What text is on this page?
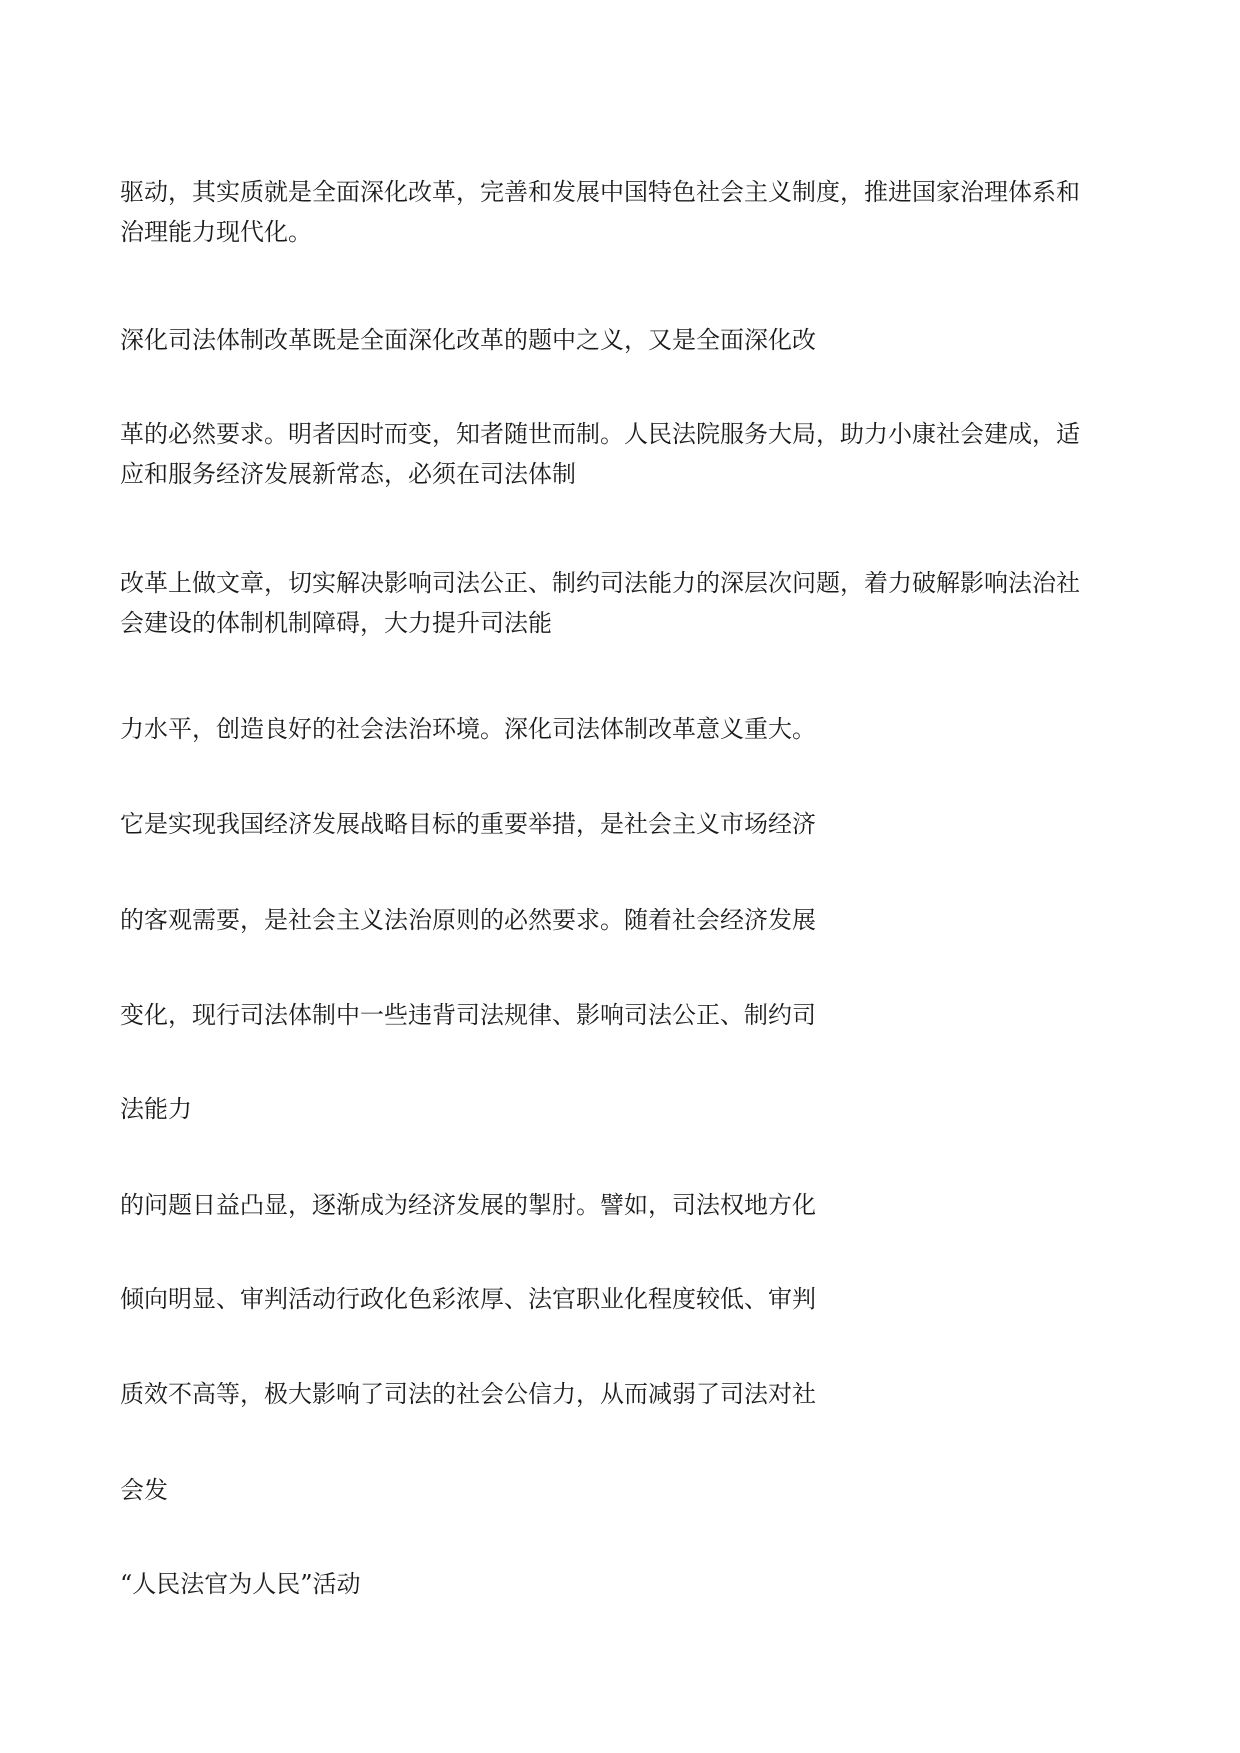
驱动，其实质就是全面深化改革，完善和发展中国特色社会主义制度，推进国家治理体系和
治理能力现代化。

深化司法体制改革既是全面深化改革的题中之义，又是全面深化改

革的必然要求。明者因时而变，知者随世而制。人民法院服务大局，助力小康社会建成，适
应和服务经济发展新常态，必须在司法体制

改革上做文章，切实解决影响司法公正、制约司法能力的深层次问题，着力破解影响法治社
会建设的体制机制障碍，大力提升司法能

力水平，创造良好的社会法治环境。深化司法体制改革意义重大。

它是实现我国经济发展战略目标的重要举措，是社会主义市场经济

的客观需要，是社会主义法治原则的必然要求。随着社会经济发展

变化，现行司法体制中一些违背司法规律、影响司法公正、制约司

法能力

的问题日益凸显，逐渐成为经济发展的掣肘。譬如，司法权地方化

倾向明显、审判活动行政化色彩浓厚、法官职业化程度较低、审判

质效不高等，极大影响了司法的社会公信力，从而减弱了司法对社

会发

“人民法官为人民”活动
